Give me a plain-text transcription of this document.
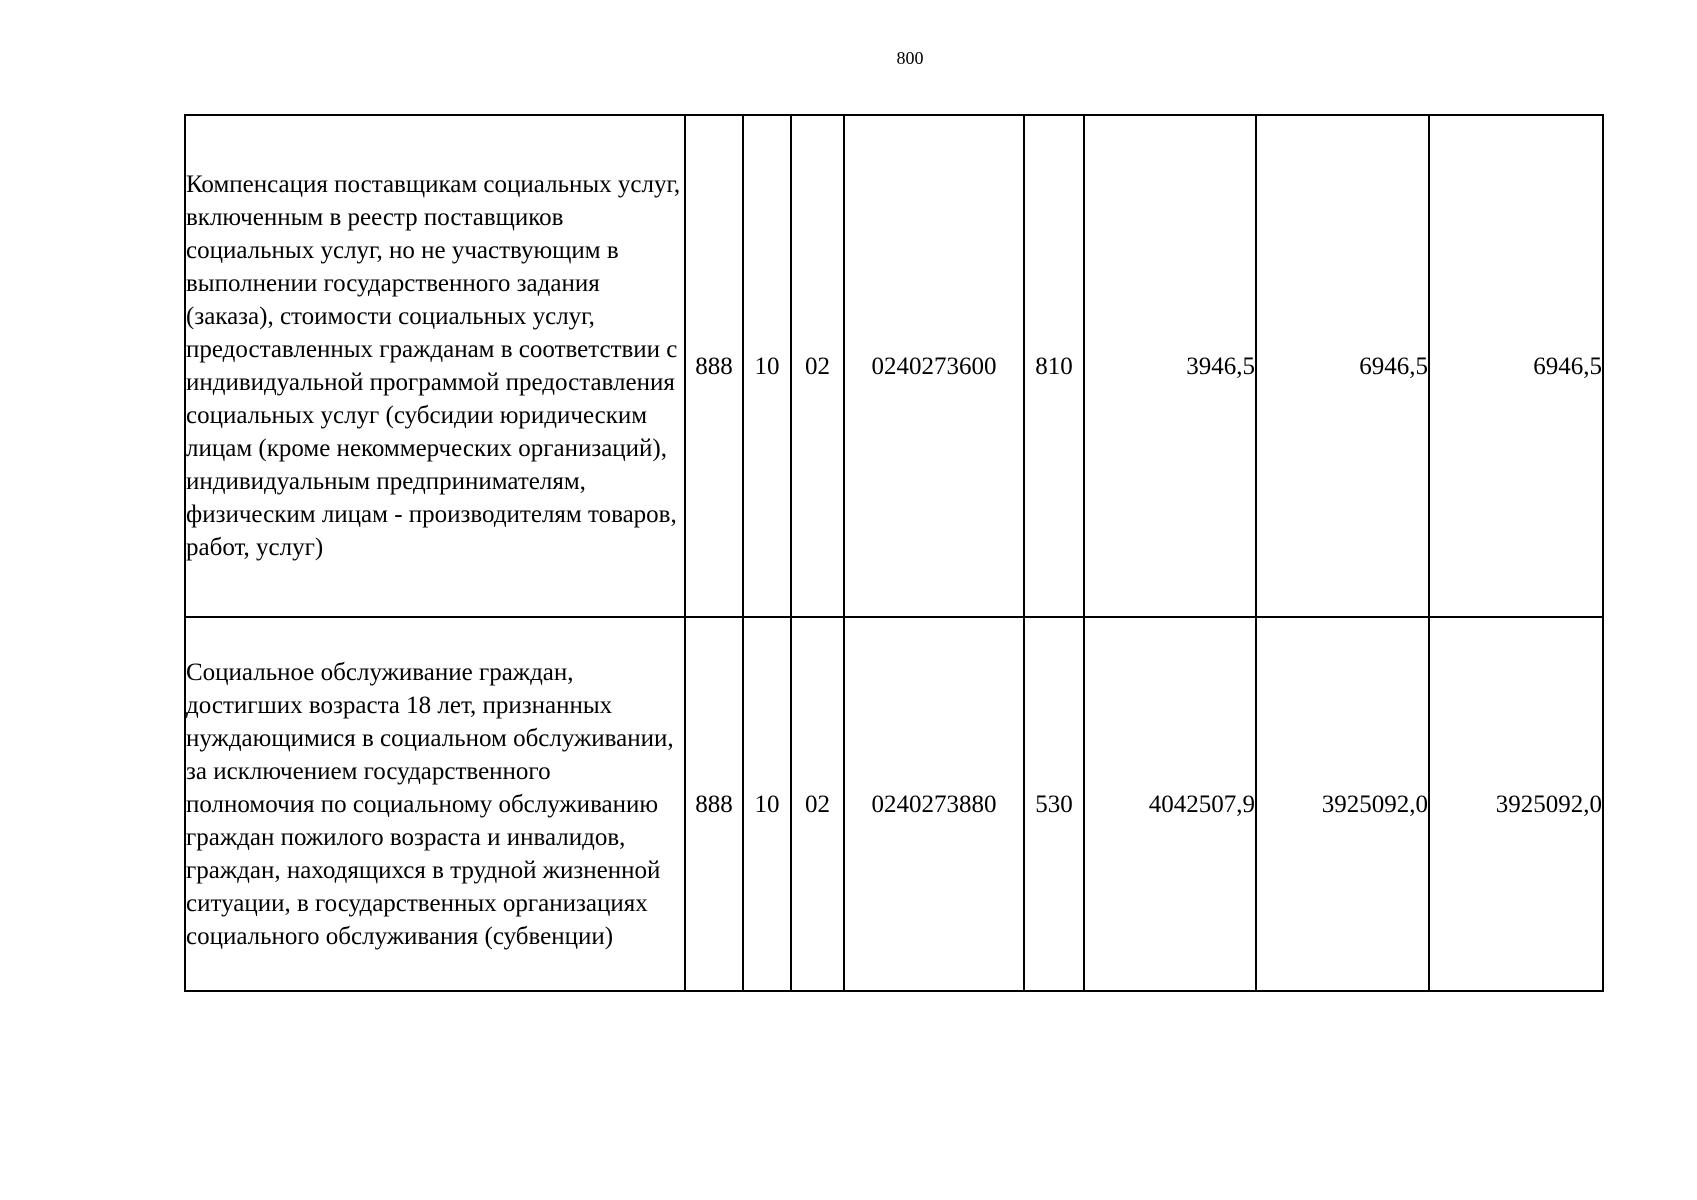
800
Компенсация поставщикам социальных услуг, включенным в реестр поставщиков социальных услуг, но не участвующим в выполнении государственного задания (заказа), стоимости социальных услуг, предоставленных гражданам в соответствии с индивидуальной программой предоставления социальных услуг (субсидии юридическим лицам (кроме некоммерческих организаций), индивидуальным предпринимателям, физическим лицам - производителям товаров, работ, услуг)	888	10	02	0240273600	810	3946,5	6946,5	6946,5
Социальное обслуживание граждан, достигших возраста 18 лет, признанных нуждающимися в социальном обслуживании, за исключением государственного полномочия по социальному обслуживанию граждан пожилого возраста и инвалидов, граждан, находящихся в трудной жизненной ситуации, в государственных организациях социального обслуживания (субвенции)	888	10	02	0240273880	530	4042507,9	3925092,0	3925092,0
